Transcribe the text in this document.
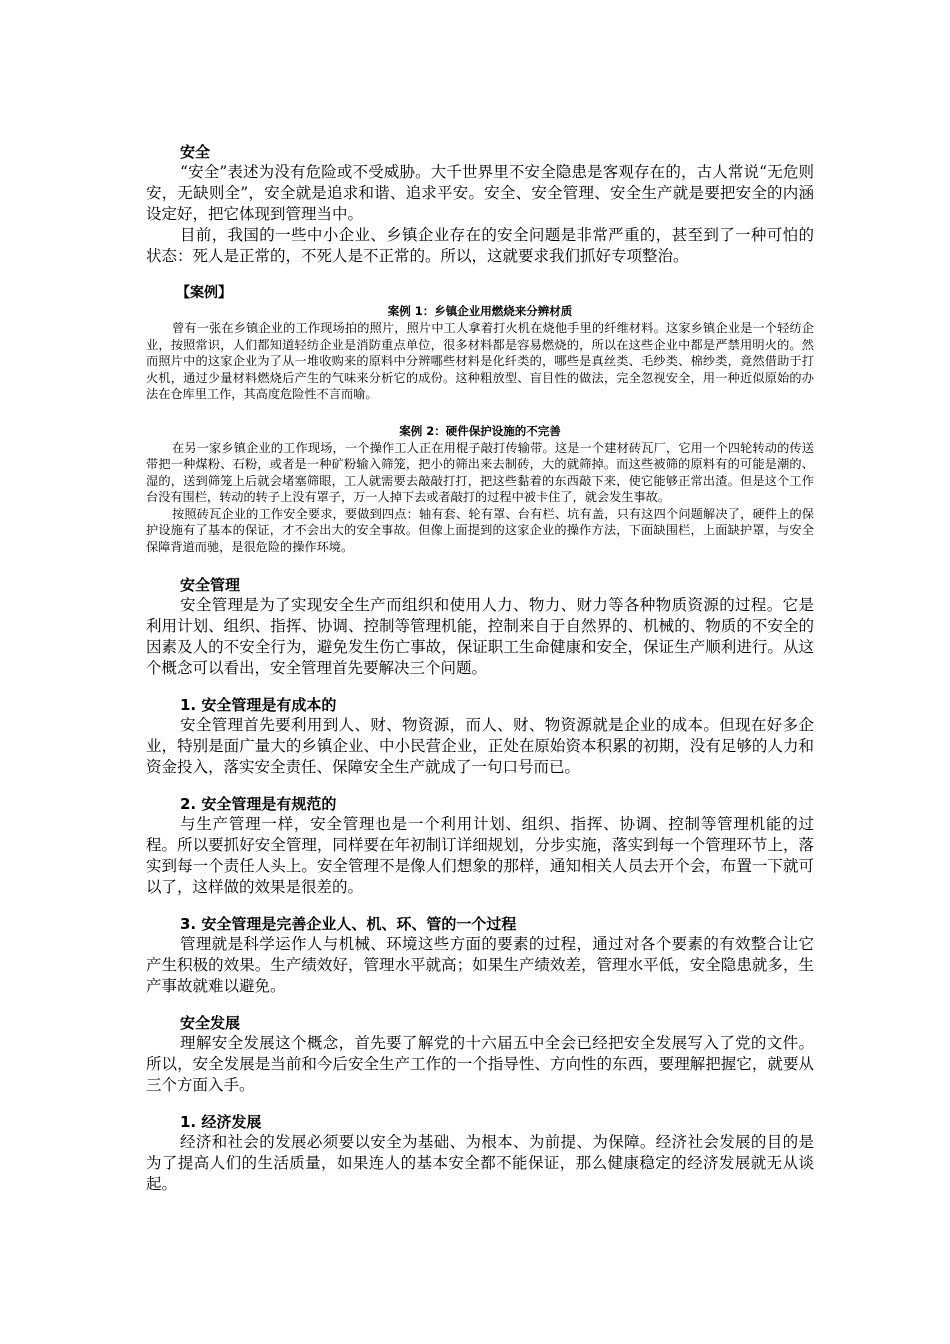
安全

“安全”表述为没有危险或不受威胁。大千世界里不安全隐患是客观存在的，古人常说“无危则安，无缺则全”，安全就是追求和谐、追求平安。安全、安全管理、安全生产就是要把安全的内涵设定好，把它体现到管理当中。

目前，我国的一些中小企业、乡镇企业存在的安全问题是非常严重的，甚至到了一种可怕的状态：死人是正常的，不死人是不正常的。所以，这就要求我们抓好专项整治。

【案例】

案例 1：乡镇企业用燃烧来分辨材质

曾有一张在乡镇企业的工作现场拍的照片，照片中工人拿着打火机在烧他手里的纤维材料。这家乡镇企业是一个轻纺企业，按照常识，人们都知道轻纺企业是消防重点单位，很多材料都是容易燃烧的，所以在这些企业中都是严禁用明火的。然而照片中的这家企业为了从一堆收购来的原料中分辨哪些材料是化纤类的，哪些是真丝类、毛纱类、棉纱类，竟然借助于打火机，通过少量材料燃烧后产生的气味来分析它的成份。这种粗放型、盲目性的做法，完全忽视安全，用一种近似原始的办法在仓库里工作，其高度危险性不言而喻。

案例 2：硬件保护设施的不完善

在另一家乡镇企业的工作现场，一个操作工人正在用棍子敲打传输带。这是一个建材砖瓦厂，它用一个四轮转动的传送带把一种煤粉、石粉，或者是一种矿粉输入筛笼，把小的筛出来去制砖，大的就筛掉。而这些被筛的原料有的可能是潮的、湿的，送到筛笼上后就会堵塞筛眼，工人就需要去敲敲打打，把这些黏着的东西敲下来，使它能够正常出渣。但是这个工作台没有围栏，转动的转子上没有罩子，万一人掉下去或者敲打的过程中被卡住了，就会发生事故。

按照砖瓦企业的工作安全要求，要做到四点：轴有套、轮有罩、台有栏、坑有盖，只有这四个问题解决了，硬件上的保护设施有了基本的保证，才不会出大的安全事故。但像上面提到的这家企业的操作方法，下面缺围栏，上面缺护罩，与安全保障背道而驰，是很危险的操作环境。

安全管理

安全管理是为了实现安全生产而组织和使用人力、物力、财力等各种物质资源的过程。它是利用计划、组织、指挥、协调、控制等管理机能，控制来自于自然界的、机械的、物质的不安全的因素及人的不安全行为，避免发生伤亡事故，保证职工生命健康和安全，保证生产顺利进行。从这个概念可以看出，安全管理首先要解决三个问题。

1. 安全管理是有成本的

安全管理首先要利用到人、财、物资源，而人、财、物资源就是企业的成本。但现在好多企业，特别是面广量大的乡镇企业、中小民营企业，正处在原始资本积累的初期，没有足够的人力和资金投入，落实安全责任、保障安全生产就成了一句口号而已。

2. 安全管理是有规范的

与生产管理一样，安全管理也是一个利用计划、组织、指挥、协调、控制等管理机能的过程。所以要抓好安全管理，同样要在年初制订详细规划，分步实施，落实到每一个管理环节上，落实到每一个责任人头上。安全管理不是像人们想象的那样，通知相关人员去开个会，布置一下就可以了，这样做的效果是很差的。

3. 安全管理是完善企业人、机、环、管的一个过程

管理就是科学运作人与机械、环境这些方面的要素的过程，通过对各个要素的有效整合让它产生积极的效果。生产绩效好，管理水平就高；如果生产绩效差，管理水平低，安全隐患就多，生产事故就难以避免。

安全发展

理解安全发展这个概念，首先要了解党的十六届五中全会已经把安全发展写入了党的文件。所以，安全发展是当前和今后安全生产工作的一个指导性、方向性的东西，要理解把握它，就要从三个方面入手。

1. 经济发展

经济和社会的发展必须要以安全为基础、为根本、为前提、为保障。经济社会发展的目的是为了提高人们的生活质量，如果连人的基本安全都不能保证，那么健康稳定的经济发展就无从谈起。
